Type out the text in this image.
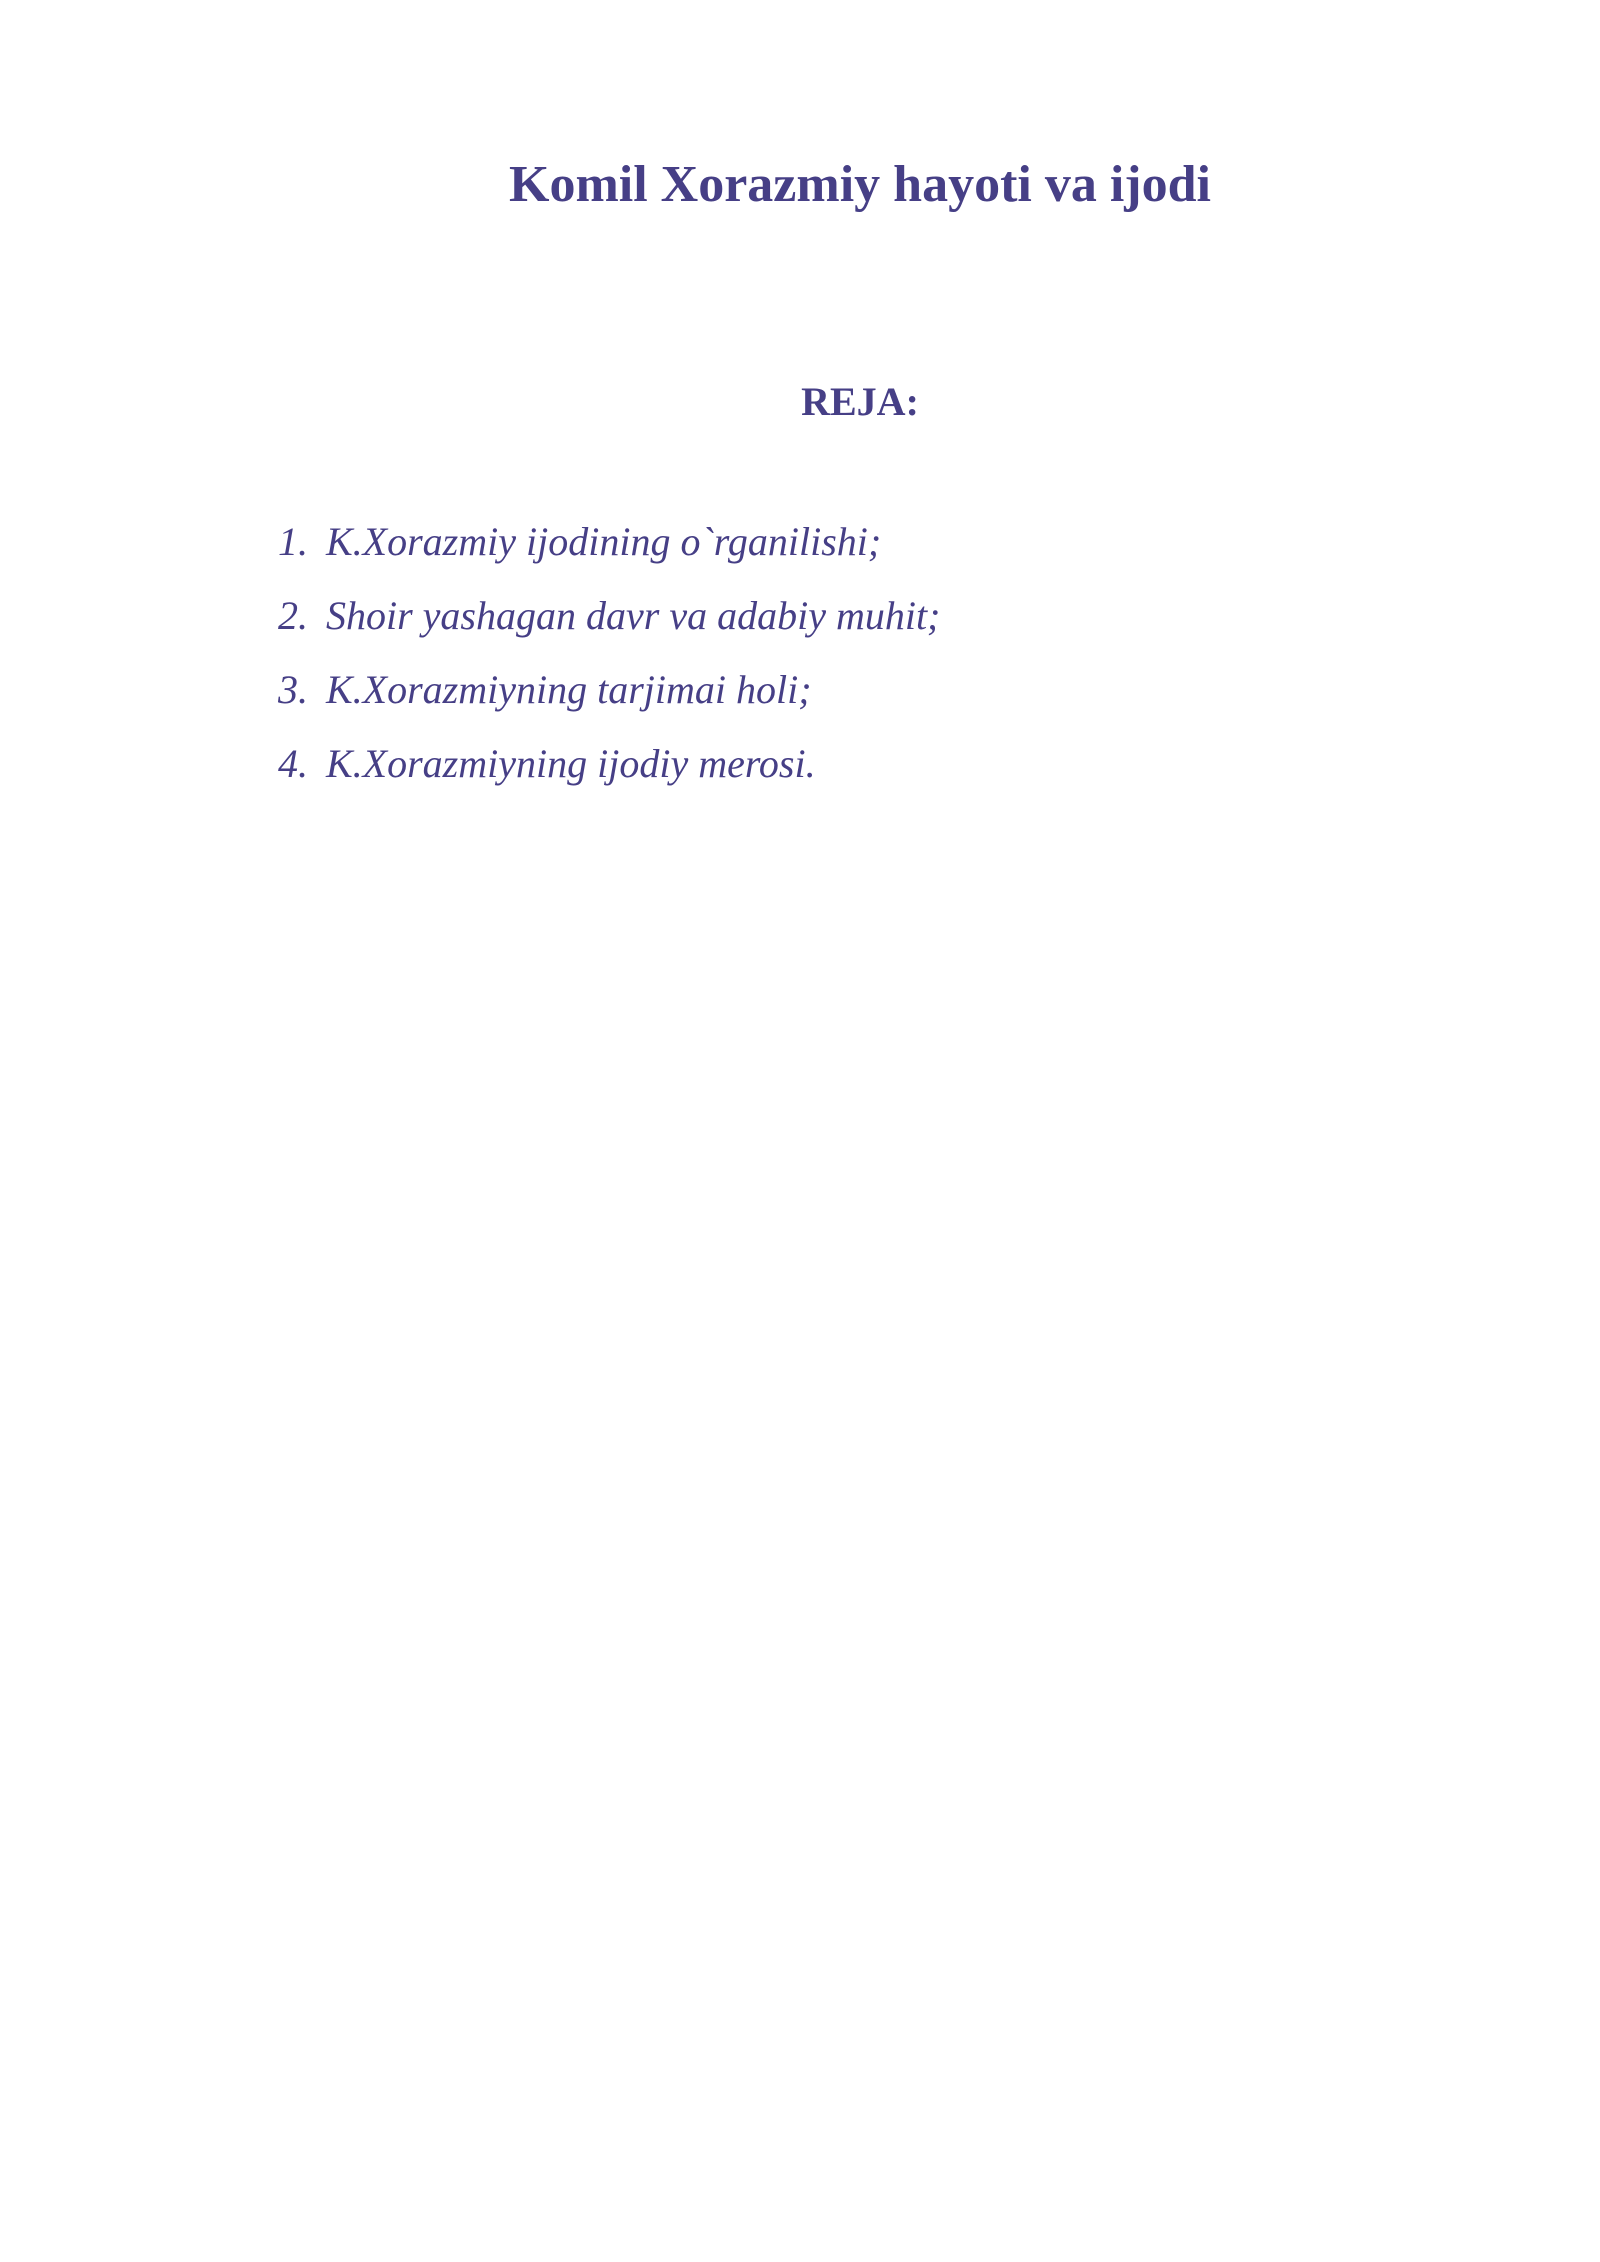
Komil Xorazmiy hayoti va ijodi
REJA:
1. K.Xorazmiy ijodining o`rganilishi;
2. Shoir yashagan davr va adabiy muhit;
3. K.Xorazmiyning tarjimai holi;
4. K.Xorazmiyning ijodiy merosi.
